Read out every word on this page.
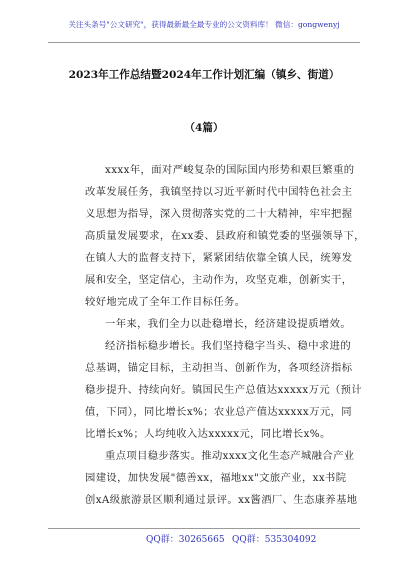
关注头条号"公文研究"，获得最新最全最专业的公文资料库！ 微信：gongwenyj
2023年工作总结暨2024年工作计划汇编（镇乡、街道）
（4篇）
xxxx年，面对严峻复杂的国际国内形势和艰巨繁重的
改革发展任务，我镇坚持以习近平新时代中国特色社会主
义思想为指导，深入贯彻落实党的二十大精神，牢牢把握
高质量发展要求，在xx委、县政府和镇党委的坚强领导下，
在镇人大的监督支持下，紧紧团结依靠全镇人民，统筹发
展和安全，坚定信心，主动作为，攻坚克难，创新实干，
较好地完成了全年工作目标任务。
一年来，我们全力以赴稳增长，经济建设提质增效。
经济指标稳步增长。我们坚持稳字当头、稳中求进的
总基调，锚定目标，主动担当、创新作为，各项经济指标
稳步提升、持续向好。镇国民生产总值达xxxxx万元（预计
值，下同），同比增长x%；农业总产值达xxxxx万元，同
比增长x%；人均纯收入达xxxxx元，同比增长x%。
重点项目稳步落实。推动xxxx文化生态产城融合产业
园建设，加快发展"德善xx，福地xx"文旅产业，xx书院
创xA级旅游景区顺利通过景评。xx酱酒厂、生态康养基地
QQ群：30265665 QQ群：535304092
